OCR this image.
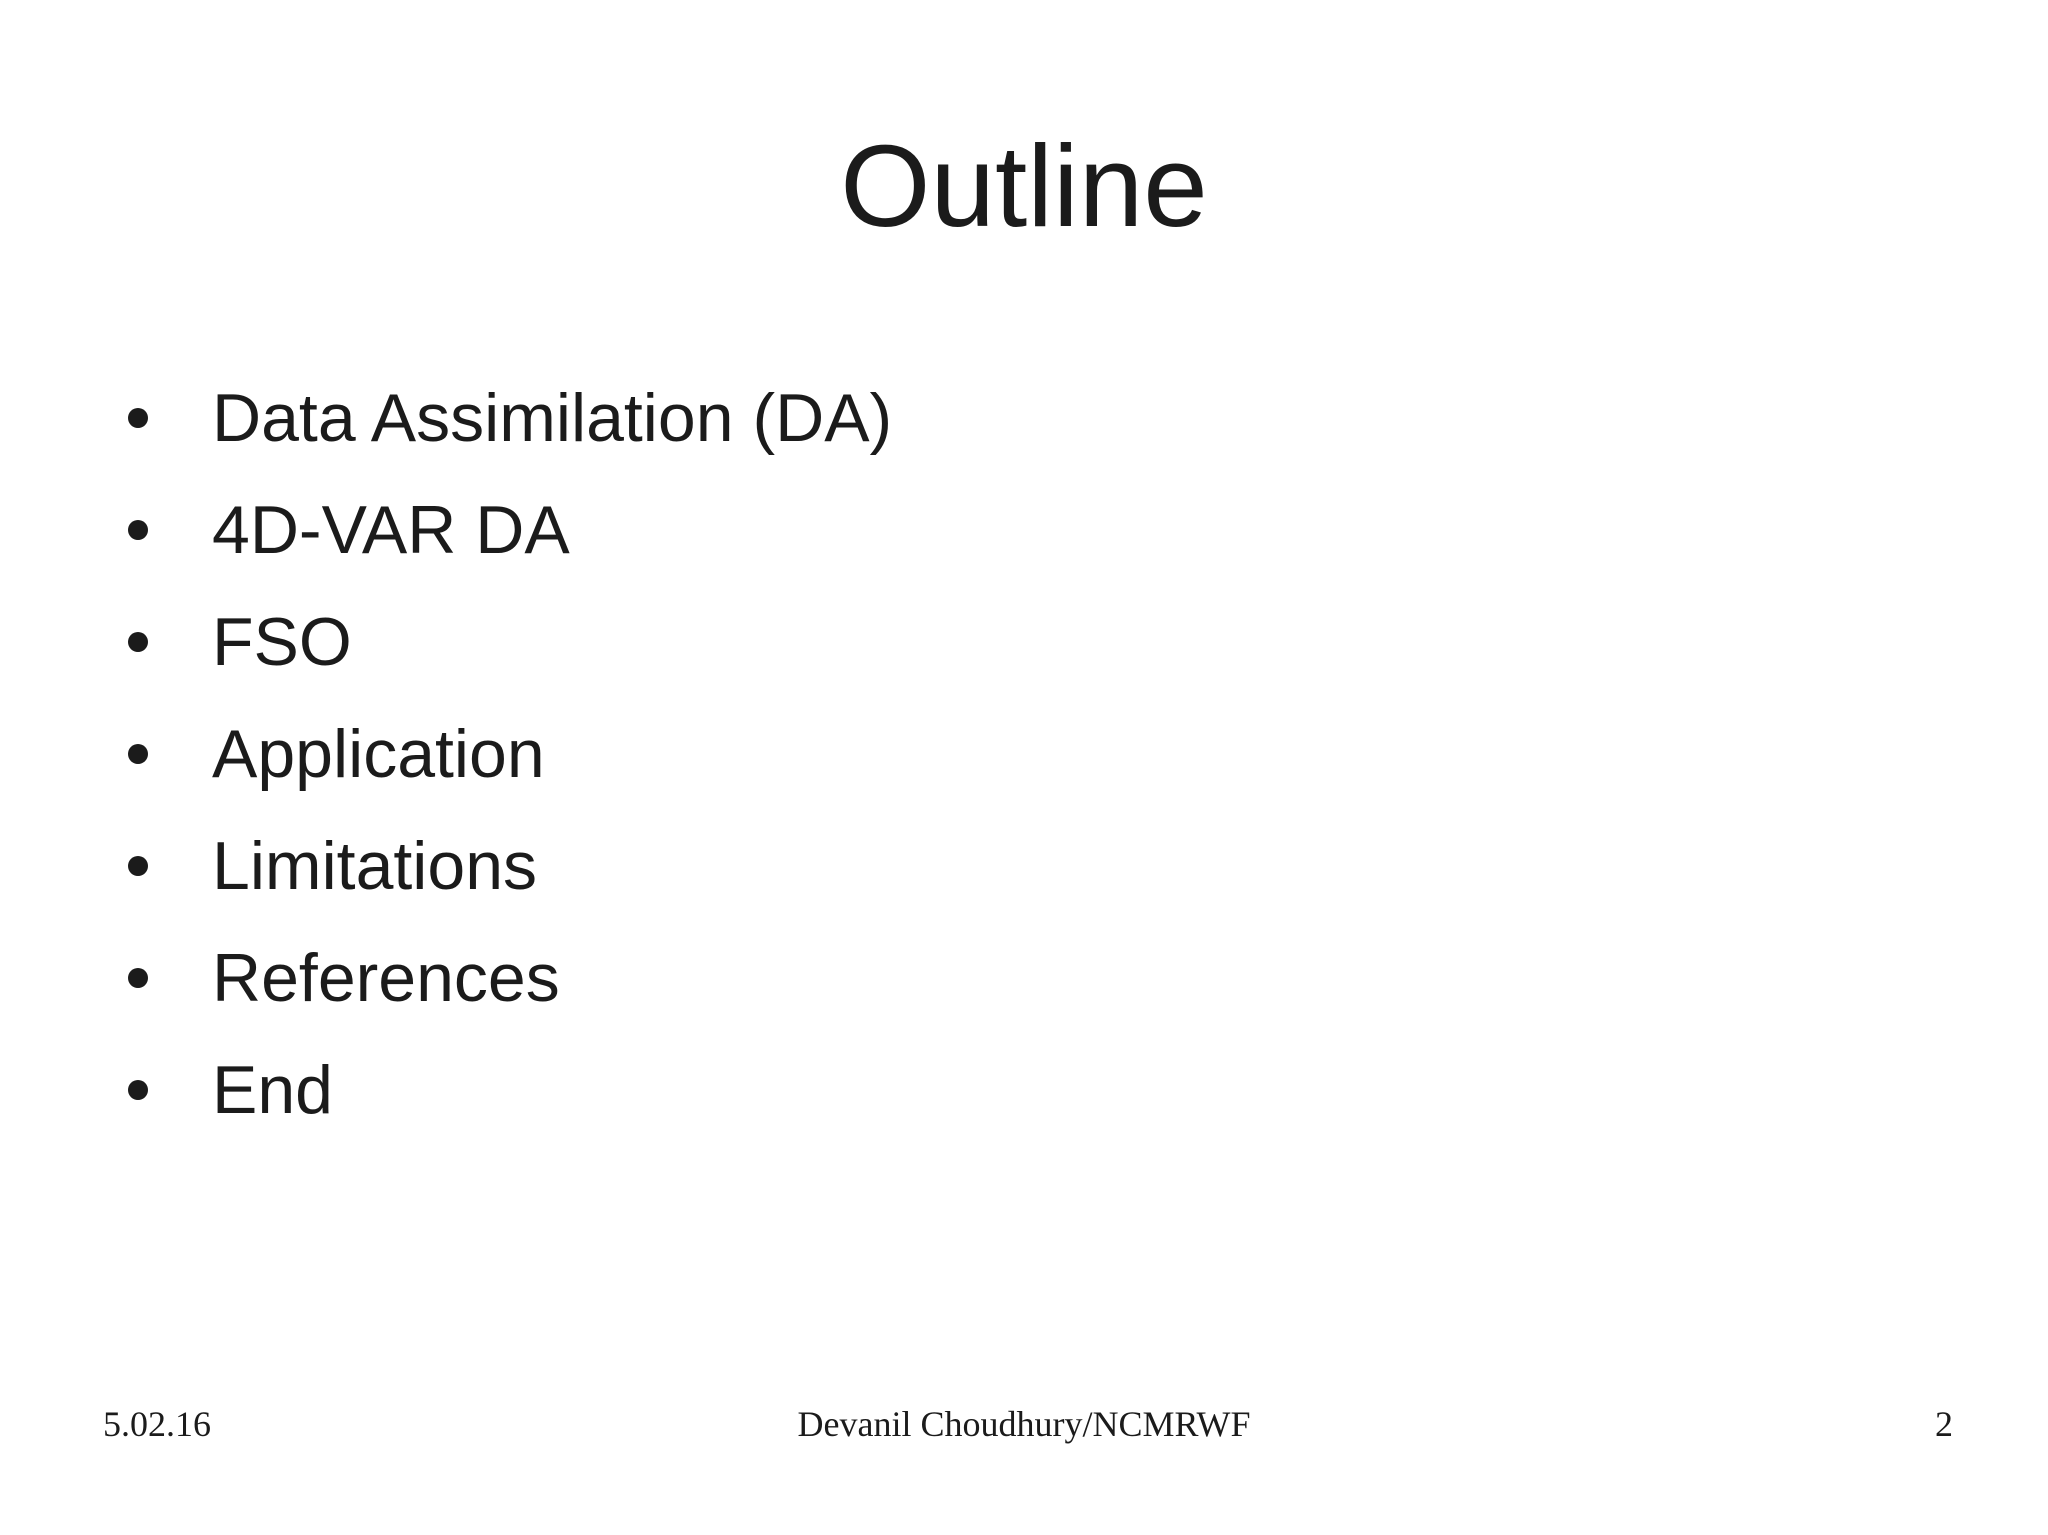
Outline
Data Assimilation (DA)
4D-VAR DA
FSO
Application
Limitations
References
End
Devanil Choudhury/NCMRWF
5.02.16	2
